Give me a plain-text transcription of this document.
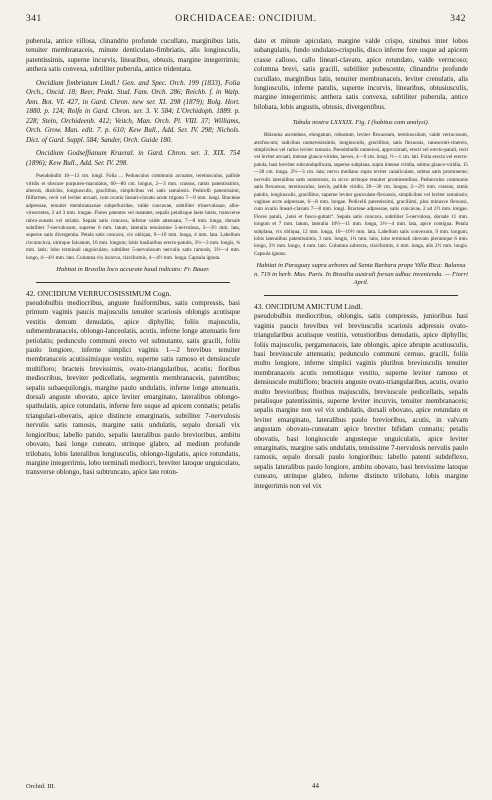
341	ORCHIDACEAE: ONCIDIUM.	342

puberula, antice villosa, clinandrio profunde cucullato, marginibus latis, tenuiter membranaceis, minute denticulato-fimbriatis, alis longiusculis, patentissimis, superne incurvis, linearibus, obtusis, margine integerrimis; anthera satis convexa, subtiliter puberula, antice tridentata.

Oncidium fimbriatum Lindl.! Gen. and Spec. Orch. 199 (1833), Folia Orch., Oncid. 18; Beer, Prakt. Stud. Fam. Orch. 286; Reichb. f. in Walp. Ann. Bot. VI. 427, in Gard. Chron. new ser. XI. 298 (1879); Bolg. Hort. 1880. p. 124; Rolfe in Gard. Chron. ser. 3. V. 584; L'Orchidoph. 1889. p. 228; Stein, Orchideenb. 412; Veitch, Man. Orch. Pl. VIII. 37; Williams, Orch. Grow. Man. edit. 7. p. 610; Kew Bull., Add. Ser. IV. 298; Nichols. Dict. of Gard. Suppl. 584; Sander, Orch. Guide 180.

Oncidium Godseffianum Kraenzl. in Gard. Chron. ser. 3. XIX. 754 (1896); Kew Bull., Add. Ser. IV. 298.

Pseudobulbi 10—13 cm. longi. Folia ... Pedunculus communis arcuatus, teretiusculus, pallide viridis et obscure purpureo-maculatus, 60—80 cm. longus, 2—3 mm. crassus, ramis patentissimis, alternis, distichis, longiusculis, gracilibus, simplicibus vel satis ramulosis. Pedicelli patentissimi, filiformes, recti vel leviter arcuati, cum ovario lineari-clavato acute trigono 7—9 mm. longi. Bracteae adpressae, tenuiter membranaceae subpellucidae, valde concavae, subtiliter trinervulosae, albo-virescentes, 2 ad 3 mm. longae. Flores patentes vel nutantes, sepalis petalisque laete luteis, transverse rubro-zonatis vel striatis. Sepala satis concava, inferne valde attenuata, 7—8 mm. longa, dorsale subtiliter 7-nervulosum, superne 6 mm. latum, lateralia tenuissime 5-nervulosa, 3—3½ mm. lata, superne satis divergentia. Petala satis concava, vix obliqua, 9—10 mm. longa, 4 mm. lata. Labellum circumcirca, utrinque falcatum, 10 mm. longum; lobis basilaribus erecto-patulis, 3½—3 mm. longis, ¾ mm. latis; lobo terminali unguiculato, subtiliter 5-nervulosum nervulis satis ramosis, 3½—4 mm. longo, 4—4½ mm. lato. Columna vix incurva, claviformis, 4—4½ mm. longa. Capsula ignota.

Habitat in Brasilia loco accurate haud indicato: Fr. Bauer.

42. ONCIDIUM VERRUCOSISSIMUM Cogn.

pseudobulbis mediocribus, anguste fusiformibus, satis compressis, basi primum vaginis paucis majusculis tenuiter scariosis oblongis acutisque vestitis demum denudatis, apice diphyllis; foliis majusculis, submembranaceis, oblongo-lanceolatis, acutis, inferne longe attenuatis fere petiolatis; pedunculo communi erecto vel subnutante, satis gracili, foliis paulo longiore, inferne simplici vaginis 1—2 brevibus tenuiter membranaceis acutissimisque vestito, superne satis ramoso et densiuscule multifloro; bracteis brevissimis, ovato-triangularibus, acutis; floribus mediocribus, breviter pedicellatis, segmentis membranaceis, patentibus; sepalis subaequilongis, margine paulo undulatis, inferne longe attenuatis, dorsali anguste obovato, apice leviter emarginato, lateralibus oblongo-spathulatis, apice rotundatis, inferne fere usque ad apicem connatis; petalis triangulari-obovatis, apice distincte emarginatis, subtiliter 7-nervulosis nervulis satis ramosis, margine satis undulatis, sepalo dorsali vix longioribus; labello patulo, sepalis lateralibus paulo brevioribus, ambitu obovato, basi longe cuneato, utrinque glabro, ad medium profunde trilobato, lobis lateralibus longiusculis, oblongo-ligulatis, apice rotundatis, margine integerrimis, lobo terminali mediocri, breviter latoque unguiculato, transverse oblongo, basi subtruncato, apice late roton-

dato et minute apiculato, margine valde crispo, sinubus inter lobos subangulatis, fundo undulato-crispulis, disco inferne fere usque ad apicem crasse calloso, callo lineari-clavato, apice rotundato, valde verrucoso; columna brevi, satis gracili, subtiliter pubescente, clinandrio profunde cucullato, marginibus latis, tenuiter membranaceis, leviter crenulatis, alis longiusculis, inferne patulis, superne incurvis, linearibus, obtusiusculis, margine integerrimis; anthera satis convexa, subtiliter puberula, antice bilobata, lobis angustis, obtusis, divergentibus.

Tabula nostra LXXXIX. Fig. I (habitus cum analysi).

Rhizoma ascendens, elongatum, robustum, leviter flexuosum, teretiusculum, valde verrucosum, atrofuscum; radicibus numerosissimis, longiusculis, gracilibus, satis flexuosis, canescenti-cinereis, simplicibus vel rarius leviter ramosis. Pseudobulbi numerosi, approximati, erecti vel erecto-patuli, recti vel leviter arcuati, intense glauco-virides, laeves, 4—9 cm. longi, ½—1 cm. lati. Folia erecta vel erecto-patula, basi breviter subcondupllicata, superne subplana, supra intense viridia, subtus glauco-viridia, 15—28 cm. longa, 2½—3 cm. lata; nervo mediano supra leviter canaliculato, subtus satis prominente; nervulis lateralibus satis numerosis, in sicco utrinque tenuiter prominentibus. Pedunculus communis satis flexuosus, teretiusculus, laevis, pallide viridis, 20—30 cm. longus, 2—2½ mm. crassus, ramis patulis, longiusculis, gracilibus, superne leviter geniculato-flexuosis, simplicibus vel leviter ramulosis; vaginae arcte adpressae, 6—8 mm. longae. Pedicelli patentissimi, graciliimi, plus minusve flexuosi, cum ovario lineari-clavato 7—8 mm. longi. Bracteae adpressae, satis concavae, 2 ad 2½ mm. longae. Flores patuli, „lutei et fusco-guttati“. Sepala satis concava, subtiliter 5-nervulosa, dorsale 11 mm. longum et 7 mm. latum, lateralia 10½—11 mm. longa, 3½—4 mm. lata, apice contigua. Petala subplana, vix obliqua, 12 mm. longa, 10—10½ mm. lata. Labellum satis convexum, 9 mm. longum, lobis lateralibus patentissimis, 3 mm. longis, 1¼ mm. latis, lobo terminali obovato plerumque 6 mm. longo, 3½ mm. longo, 4 mm. lato. Columna subrecta, claviformis, 4 mm. longa, alis 2½ mm. longis. Capsula ignota.

Habitat in Paraguay supra arbores ad Santa Barbara prope Villa Rica: Balansa n. 719 in herb. Mus. Paris. In Brasilia australi forsan adhuc inveniendu. — Fiorri April.

43. ONCIDIUM AMICTUM Lindl.

pseudobulbis mediocribus, oblongis, satis compressis, junioribus basi vaginis paucis brevibus vel breviusculis scariosis adpressis ovato-triangularibus acutisque vestitis, vetustioribus denudatis, apice diphyllis; foliis majusculis, pergamenaceis, late oblongis, apice abrupte acutiusculis, basi breviuscule attenuatis; pedunculo communi cernuo, gracili, foliis multo longiore, inferne simplici vaginis pluribus breviusculis tenuiter membranaceis acutis remotisque vestito, superne leviter ramoso et densiuscule multifloro; bracteis anguste ovato-triangularibus, acutis, ovario multo brevioribus; floribus majusculis, breviuscule pedicellatis, sepalis petalisque patentissimis, superne leviter incurvis, tenuiter membranaceis; sepalis margine non vel vix undulatis, dorsali obovato, apice rotundato et leviter emarginato, lateralibus paulo brevioribus, acutis, in valvam angustam obovato-cuneatam apice breviter bifidam connatis; petalis obovatis, basi longiuscule angusteque unguiculatis, apice leviter emarginatis, margine satis undulatis, tenuissime 7-nervulosis nervulis paulo ramosis, sepalo dorsali paulo longioribus; labello patenti subdeflexo, sepalis lateralibus paulo longiore, ambitu obovato, basi brevissime latoque cuneato, utrinque glabro, inferne distincte trilobato, lobis margine integerrimis non vel vix

Orchid. III.	44
